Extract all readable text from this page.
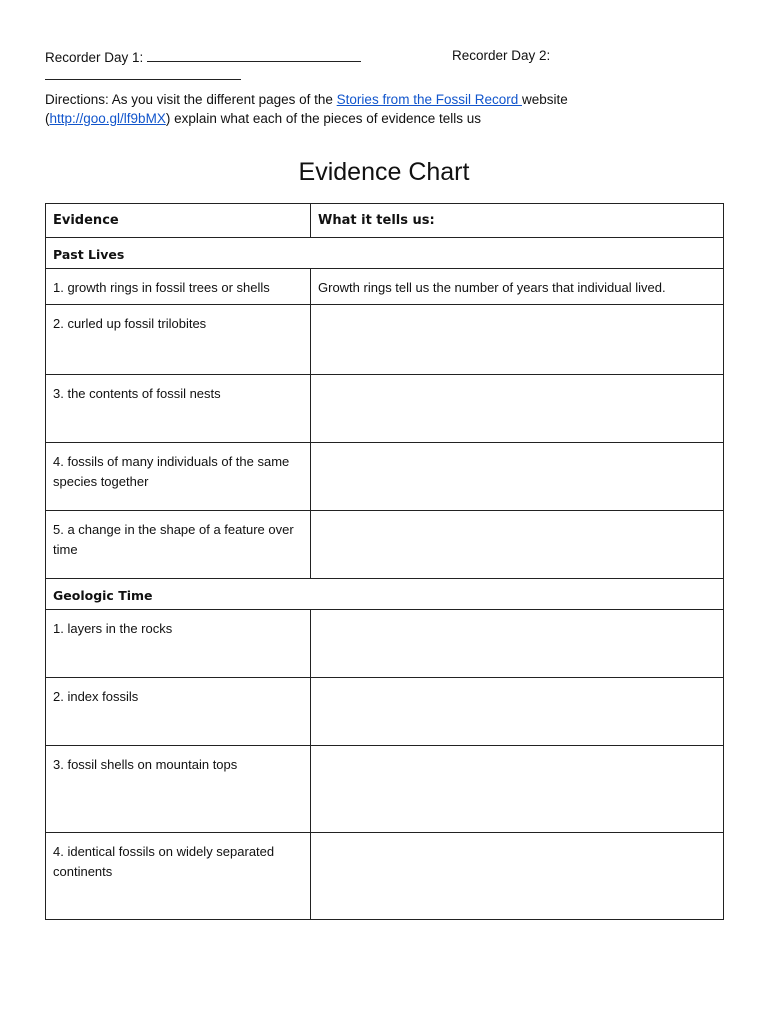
Recorder Day 1:	Recorder Day 2:
Directions: As you visit the different pages of the Stories from the Fossil Record website
(http://goo.gl/lf9bMX) explain what each of the pieces of evidence tells us
Evidence Chart
Evidence	What it tells us:
Past Lives	
1. growth rings in fossil trees or shells	Growth rings tell us the number of years that individual lived.
2. curled up fossil trilobites	
3. the contents of fossil nests	
4. fossils of many individuals of the same species together	
5. a change in the shape of a feature over time	
Geologic Time	
1. layers in the rocks	
2. index fossils	
3. fossil shells on mountain tops	
4. identical fossils on widely separated continents	
